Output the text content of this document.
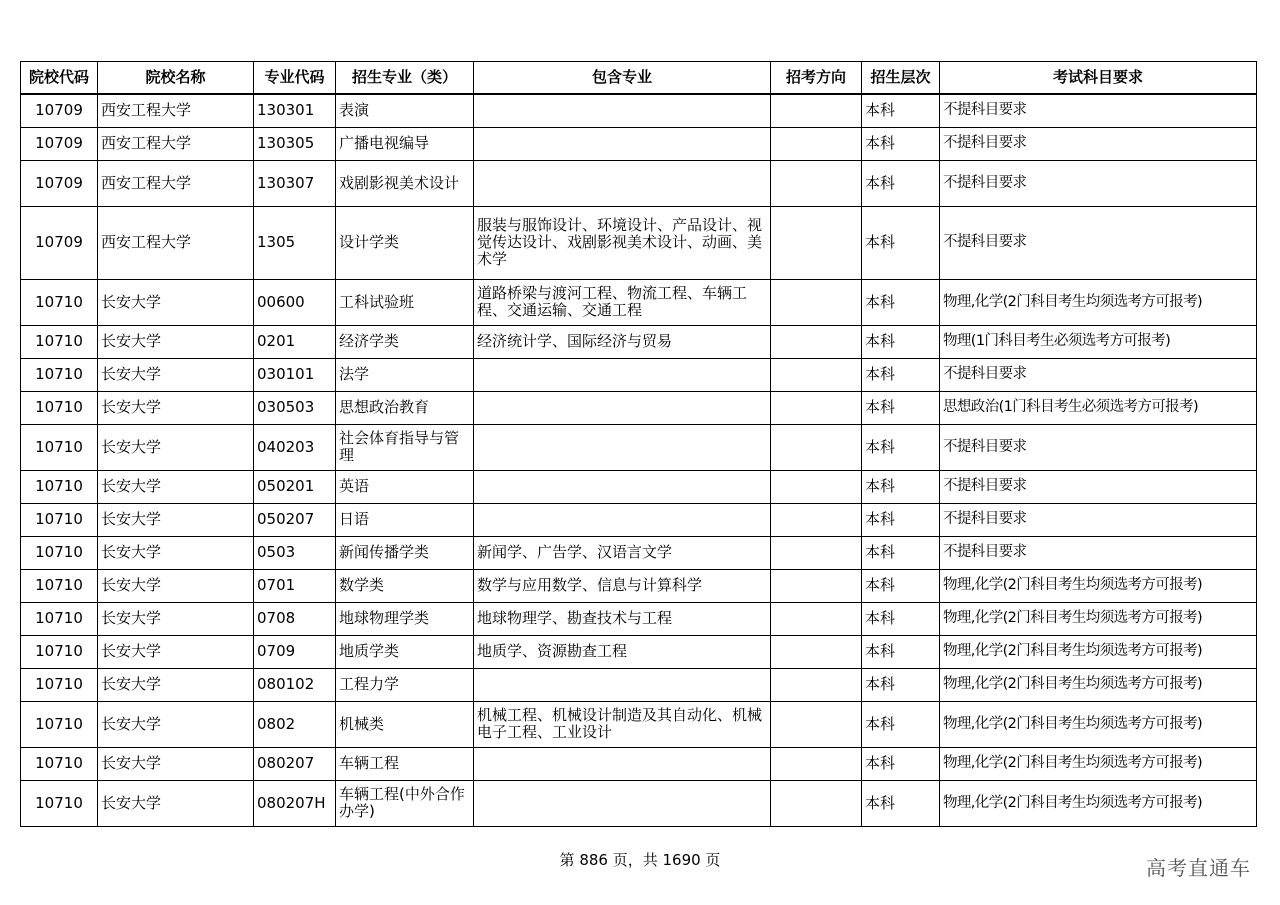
院校代码	院校名称	专业代码	招生专业（类）	包含专业	招考方向	招生层次	考试科目要求
10709	西安工程大学	130301	表演			本科	不提科目要求
10709	西安工程大学	130305	广播电视编导			本科	不提科目要求
10709	西安工程大学	130307	戏剧影视美术设计			本科	不提科目要求
10709	西安工程大学	1305	设计学类	服装与服饰设计、环境设计、产品设计、视觉传达设计、戏剧影视美术设计、动画、美术学		本科	不提科目要求
10710	长安大学	00600	工科试验班	道路桥梁与渡河工程、物流工程、车辆工程、交通运输、交通工程		本科	物理,化学(2门科目考生均须选考方可报考)
10710	长安大学	0201	经济学类	经济统计学、国际经济与贸易		本科	物理(1门科目考生必须选考方可报考)
10710	长安大学	030101	法学			本科	不提科目要求
10710	长安大学	030503	思想政治教育			本科	思想政治(1门科目考生必须选考方可报考)
10710	长安大学	040203	社会体育指导与管理			本科	不提科目要求
10710	长安大学	050201	英语			本科	不提科目要求
10710	长安大学	050207	日语			本科	不提科目要求
10710	长安大学	0503	新闻传播学类	新闻学、广告学、汉语言文学		本科	不提科目要求
10710	长安大学	0701	数学类	数学与应用数学、信息与计算科学		本科	物理,化学(2门科目考生均须选考方可报考)
10710	长安大学	0708	地球物理学类	地球物理学、勘查技术与工程		本科	物理,化学(2门科目考生均须选考方可报考)
10710	长安大学	0709	地质学类	地质学、资源勘查工程		本科	物理,化学(2门科目考生均须选考方可报考)
10710	长安大学	080102	工程力学			本科	物理,化学(2门科目考生均须选考方可报考)
10710	长安大学	0802	机械类	机械工程、机械设计制造及其自动化、机械电子工程、工业设计		本科	物理,化学(2门科目考生均须选考方可报考)
10710	长安大学	080207	车辆工程			本科	物理,化学(2门科目考生均须选考方可报考)
10710	长安大学	080207H	车辆工程(中外合作办学)			本科	物理,化学(2门科目考生均须选考方可报考)
第 886 页，共 1690 页	高考直通车
